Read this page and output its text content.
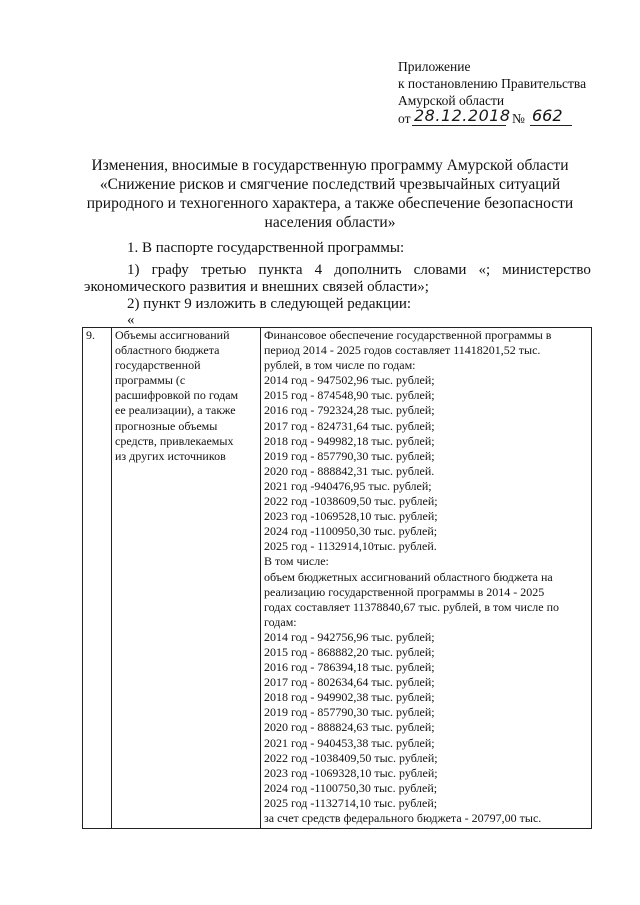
Приложение
к постановлению Правительства
Амурской области
от 28.12.2018 № 662
Изменения, вносимые в государственную программу Амурской области
«Снижение рисков и смягчение последствий чрезвычайных ситуаций
природного и техногенного характера, а также обеспечение безопасности
населения области»
1. В паспорте государственной программы:
1) графу третью пункта 4 дополнить словами «; министерство
экономического развития и внешних связей области»;
2) пункт 9 изложить в следующей редакции:
«
9.	Объемы ассигнований
областного бюджета
государственной
программы (с
расшифровкой по годам
ее реализации), а также
прогнозные объемы
средств, привлекаемых
из других источников

Финансовое обеспечение государственной программы в
период 2014 - 2025 годов составляет 11418201,52 тыс.
рублей, в том числе по годам:
2014 год - 947502,96 тыс. рублей;
2015 год - 874548,90 тыс. рублей;
2016 год - 792324,28 тыс. рублей;
2017 год - 824731,64 тыс. рублей;
2018 год - 949982,18 тыс. рублей;
2019 год - 857790,30 тыс. рублей;
2020 год - 888842,31 тыс. рублей.
2021 год -940476,95 тыс. рублей;
2022 год -1038609,50 тыс. рублей;
2023 год -1069528,10 тыс. рублей;
2024 год -1100950,30 тыс. рублей;
2025 год - 1132914,10тыс. рублей.
В том числе:
объем бюджетных ассигнований областного бюджета на
реализацию государственной программы в 2014 - 2025
годах составляет 11378840,67 тыс. рублей, в том числе по
годам:
2014 год - 942756,96 тыс. рублей;
2015 год - 868882,20 тыс. рублей;
2016 год - 786394,18 тыс. рублей;
2017 год - 802634,64 тыс. рублей;
2018 год - 949902,38 тыс. рублей;
2019 год - 857790,30 тыс. рублей;
2020 год - 888824,63 тыс. рублей;
2021 год - 940453,38 тыс. рублей;
2022 год -1038409,50 тыс. рублей;
2023 год -1069328,10 тыс. рублей;
2024 год -1100750,30 тыс. рублей;
2025 год -1132714,10 тыс. рублей;
за счет средств федерального бюджета - 20797,00 тыс.
